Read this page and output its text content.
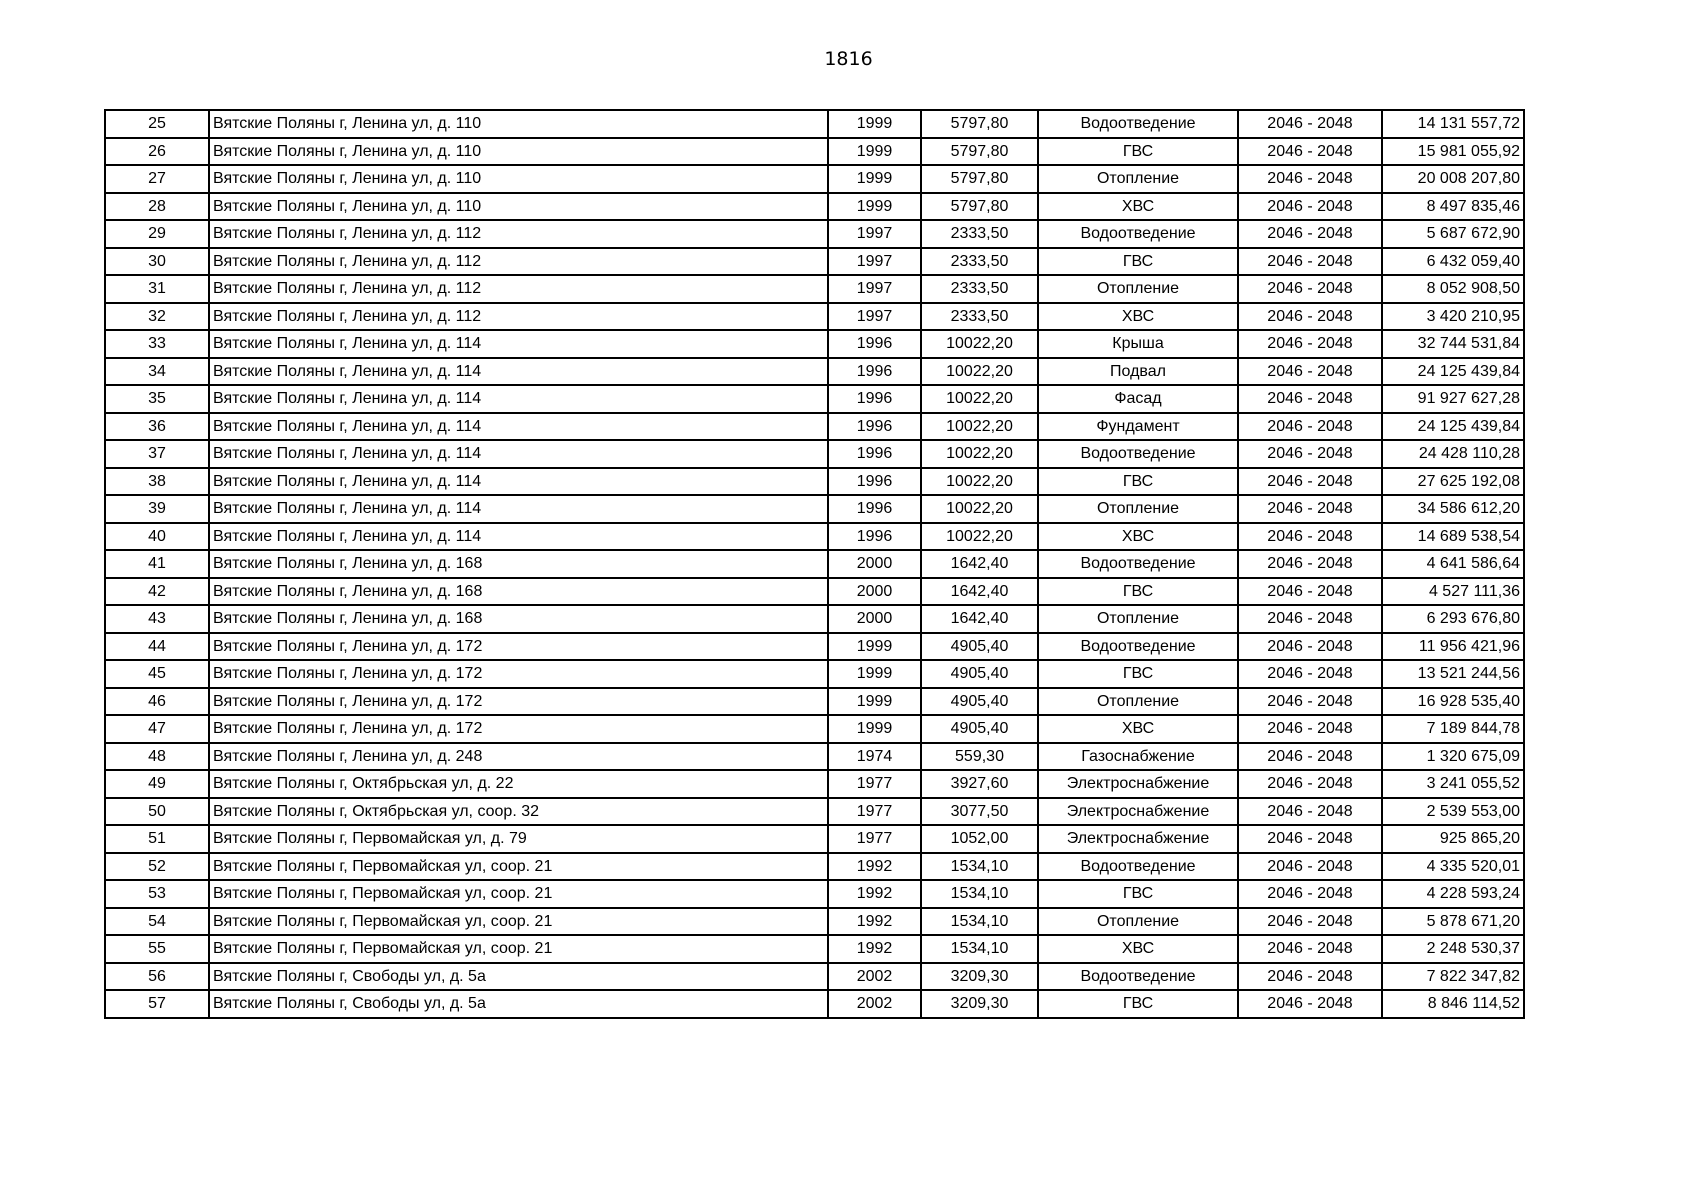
1816
25	Вятские Поляны г, Ленина ул, д. 110	1999	5797,80	Водоотведение	2046 - 2048	14 131 557,72
26	Вятские Поляны г, Ленина ул, д. 110	1999	5797,80	ГВС	2046 - 2048	15 981 055,92
27	Вятские Поляны г, Ленина ул, д. 110	1999	5797,80	Отопление	2046 - 2048	20 008 207,80
28	Вятские Поляны г, Ленина ул, д. 110	1999	5797,80	ХВС	2046 - 2048	8 497 835,46
29	Вятские Поляны г, Ленина ул, д. 112	1997	2333,50	Водоотведение	2046 - 2048	5 687 672,90
30	Вятские Поляны г, Ленина ул, д. 112	1997	2333,50	ГВС	2046 - 2048	6 432 059,40
31	Вятские Поляны г, Ленина ул, д. 112	1997	2333,50	Отопление	2046 - 2048	8 052 908,50
32	Вятские Поляны г, Ленина ул, д. 112	1997	2333,50	ХВС	2046 - 2048	3 420 210,95
33	Вятские Поляны г, Ленина ул, д. 114	1996	10022,20	Крыша	2046 - 2048	32 744 531,84
34	Вятские Поляны г, Ленина ул, д. 114	1996	10022,20	Подвал	2046 - 2048	24 125 439,84
35	Вятские Поляны г, Ленина ул, д. 114	1996	10022,20	Фасад	2046 - 2048	91 927 627,28
36	Вятские Поляны г, Ленина ул, д. 114	1996	10022,20	Фундамент	2046 - 2048	24 125 439,84
37	Вятские Поляны г, Ленина ул, д. 114	1996	10022,20	Водоотведение	2046 - 2048	24 428 110,28
38	Вятские Поляны г, Ленина ул, д. 114	1996	10022,20	ГВС	2046 - 2048	27 625 192,08
39	Вятские Поляны г, Ленина ул, д. 114	1996	10022,20	Отопление	2046 - 2048	34 586 612,20
40	Вятские Поляны г, Ленина ул, д. 114	1996	10022,20	ХВС	2046 - 2048	14 689 538,54
41	Вятские Поляны г, Ленина ул, д. 168	2000	1642,40	Водоотведение	2046 - 2048	4 641 586,64
42	Вятские Поляны г, Ленина ул, д. 168	2000	1642,40	ГВС	2046 - 2048	4 527 111,36
43	Вятские Поляны г, Ленина ул, д. 168	2000	1642,40	Отопление	2046 - 2048	6 293 676,80
44	Вятские Поляны г, Ленина ул, д. 172	1999	4905,40	Водоотведение	2046 - 2048	11 956 421,96
45	Вятские Поляны г, Ленина ул, д. 172	1999	4905,40	ГВС	2046 - 2048	13 521 244,56
46	Вятские Поляны г, Ленина ул, д. 172	1999	4905,40	Отопление	2046 - 2048	16 928 535,40
47	Вятские Поляны г, Ленина ул, д. 172	1999	4905,40	ХВС	2046 - 2048	7 189 844,78
48	Вятские Поляны г, Ленина ул, д. 248	1974	559,30	Газоснабжение	2046 - 2048	1 320 675,09
49	Вятские Поляны г, Октябрьская ул, д. 22	1977	3927,60	Электроснабжение	2046 - 2048	3 241 055,52
50	Вятские Поляны г, Октябрьская ул, соор. 32	1977	3077,50	Электроснабжение	2046 - 2048	2 539 553,00
51	Вятские Поляны г, Первомайская ул, д. 79	1977	1052,00	Электроснабжение	2046 - 2048	925 865,20
52	Вятские Поляны г, Первомайская ул, соор. 21	1992	1534,10	Водоотведение	2046 - 2048	4 335 520,01
53	Вятские Поляны г, Первомайская ул, соор. 21	1992	1534,10	ГВС	2046 - 2048	4 228 593,24
54	Вятские Поляны г, Первомайская ул, соор. 21	1992	1534,10	Отопление	2046 - 2048	5 878 671,20
55	Вятские Поляны г, Первомайская ул, соор. 21	1992	1534,10	ХВС	2046 - 2048	2 248 530,37
56	Вятские Поляны г, Свободы ул, д. 5а	2002	3209,30	Водоотведение	2046 - 2048	7 822 347,82
57	Вятские Поляны г, Свободы ул, д. 5а	2002	3209,30	ГВС	2046 - 2048	8 846 114,52
